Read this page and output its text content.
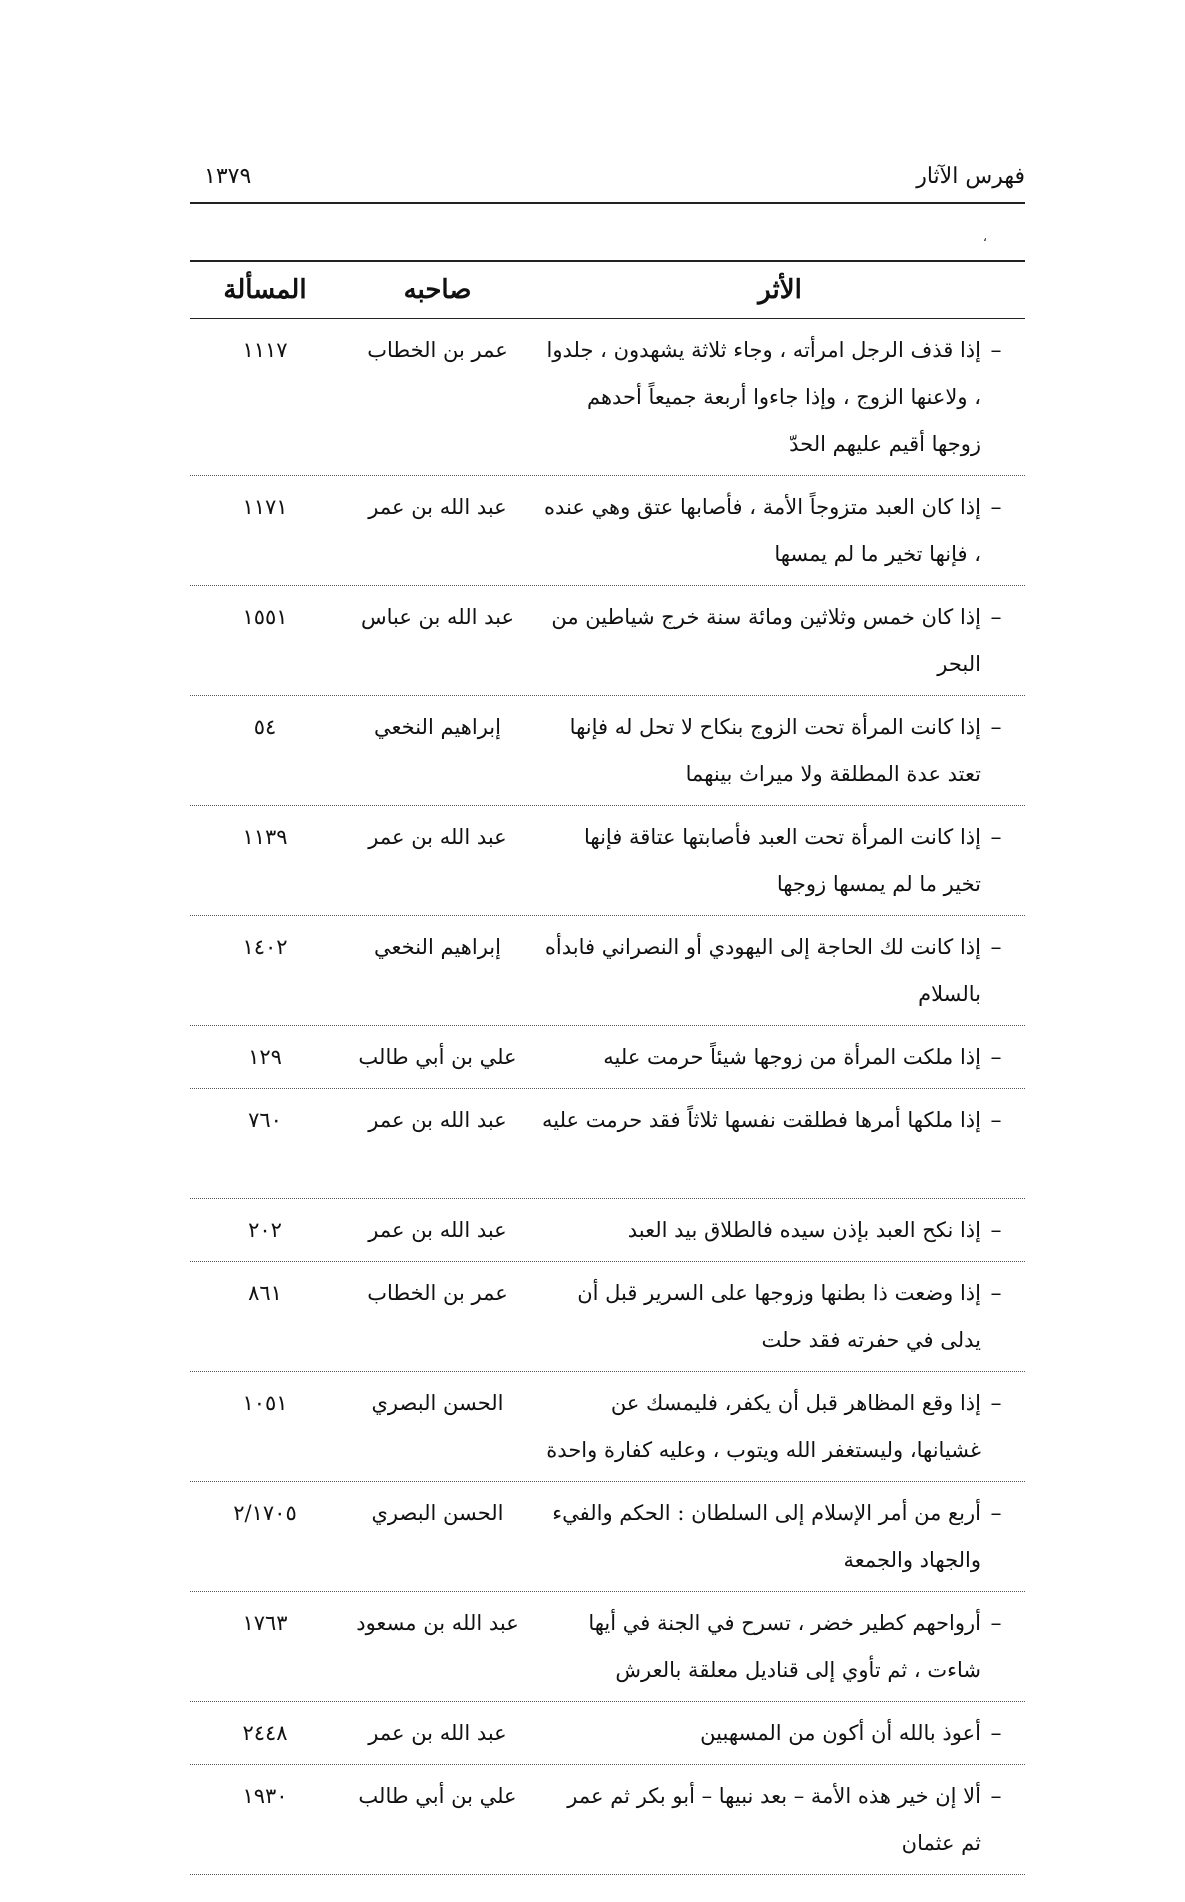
فهرس الآثار
١٣٧٩
،
الأثر
صاحبه
المسألة
–
إذا قذف الرجل امرأته ، وجاء ثلاثة يشهدون ، جلدوا ، ولاعنها الزوج ، وإذا جاءوا أربعة جميعاً أحدهم زوجها أقيم عليهم الحدّ
عمر بن الخطاب
١١١٧
–
إذا كان العبد متزوجاً الأمة ، فأصابها عتق وهي عنده ، فإنها تخير ما لم يمسها
عبد الله بن عمر
١١٧١
–
إذا كان خمس وثلاثين ومائة سنة خرج شياطين من البحر
عبد الله بن عباس
١٥٥١
–
إذا كانت المرأة تحت الزوج بنكاح لا تحل له فإنها تعتد عدة المطلقة ولا ميراث بينهما
إبراهيم النخعي
٥٤
–
إذا كانت المرأة تحت العبد فأصابتها عتاقة فإنها تخير ما لم يمسها زوجها
عبد الله بن عمر
١١٣٩
–
إذا كانت لك الحاجة إلى اليهودي أو النصراني فابدأه بالسلام
إبراهيم النخعي
١٤٠٢
–
إذا ملكت المرأة من زوجها شيئاً حرمت عليه
علي بن أبي طالب
١٢٩
–
إذا ملكها أمرها فطلقت نفسها ثلاثاً فقد حرمت عليه
عبد الله بن عمر
٧٦٠
–
إذا نكح العبد بإذن سيده فالطلاق بيد العبد
عبد الله بن عمر
٢٠٢
–
إذا وضعت ذا بطنها وزوجها على السرير قبل أن يدلى في حفرته فقد حلت
عمر بن الخطاب
٨٦١
–
إذا وقع المظاهر قبل أن يكفر، فليمسك عن غشيانها، وليستغفر الله ويتوب ، وعليه كفارة واحدة
الحسن البصري
١٠٥١
–
أربع من أمر الإسلام إلى السلطان : الحكم والفيء والجهاد والجمعة
الحسن البصري
٢/١٧٠٥
–
أرواحهم كطير خضر ، تسرح في الجنة في أيها شاءت ، ثم تأوي إلى قناديل معلقة بالعرش
عبد الله بن مسعود
١٧٦٣
–
أعوذ بالله أن أكون من المسهبين
عبد الله بن عمر
٢٤٤٨
–
ألا إن خير هذه الأمة – بعد نبيها – أبو بكر ثم عمر ثم عثمان
علي بن أبي طالب
١٩٣٠
